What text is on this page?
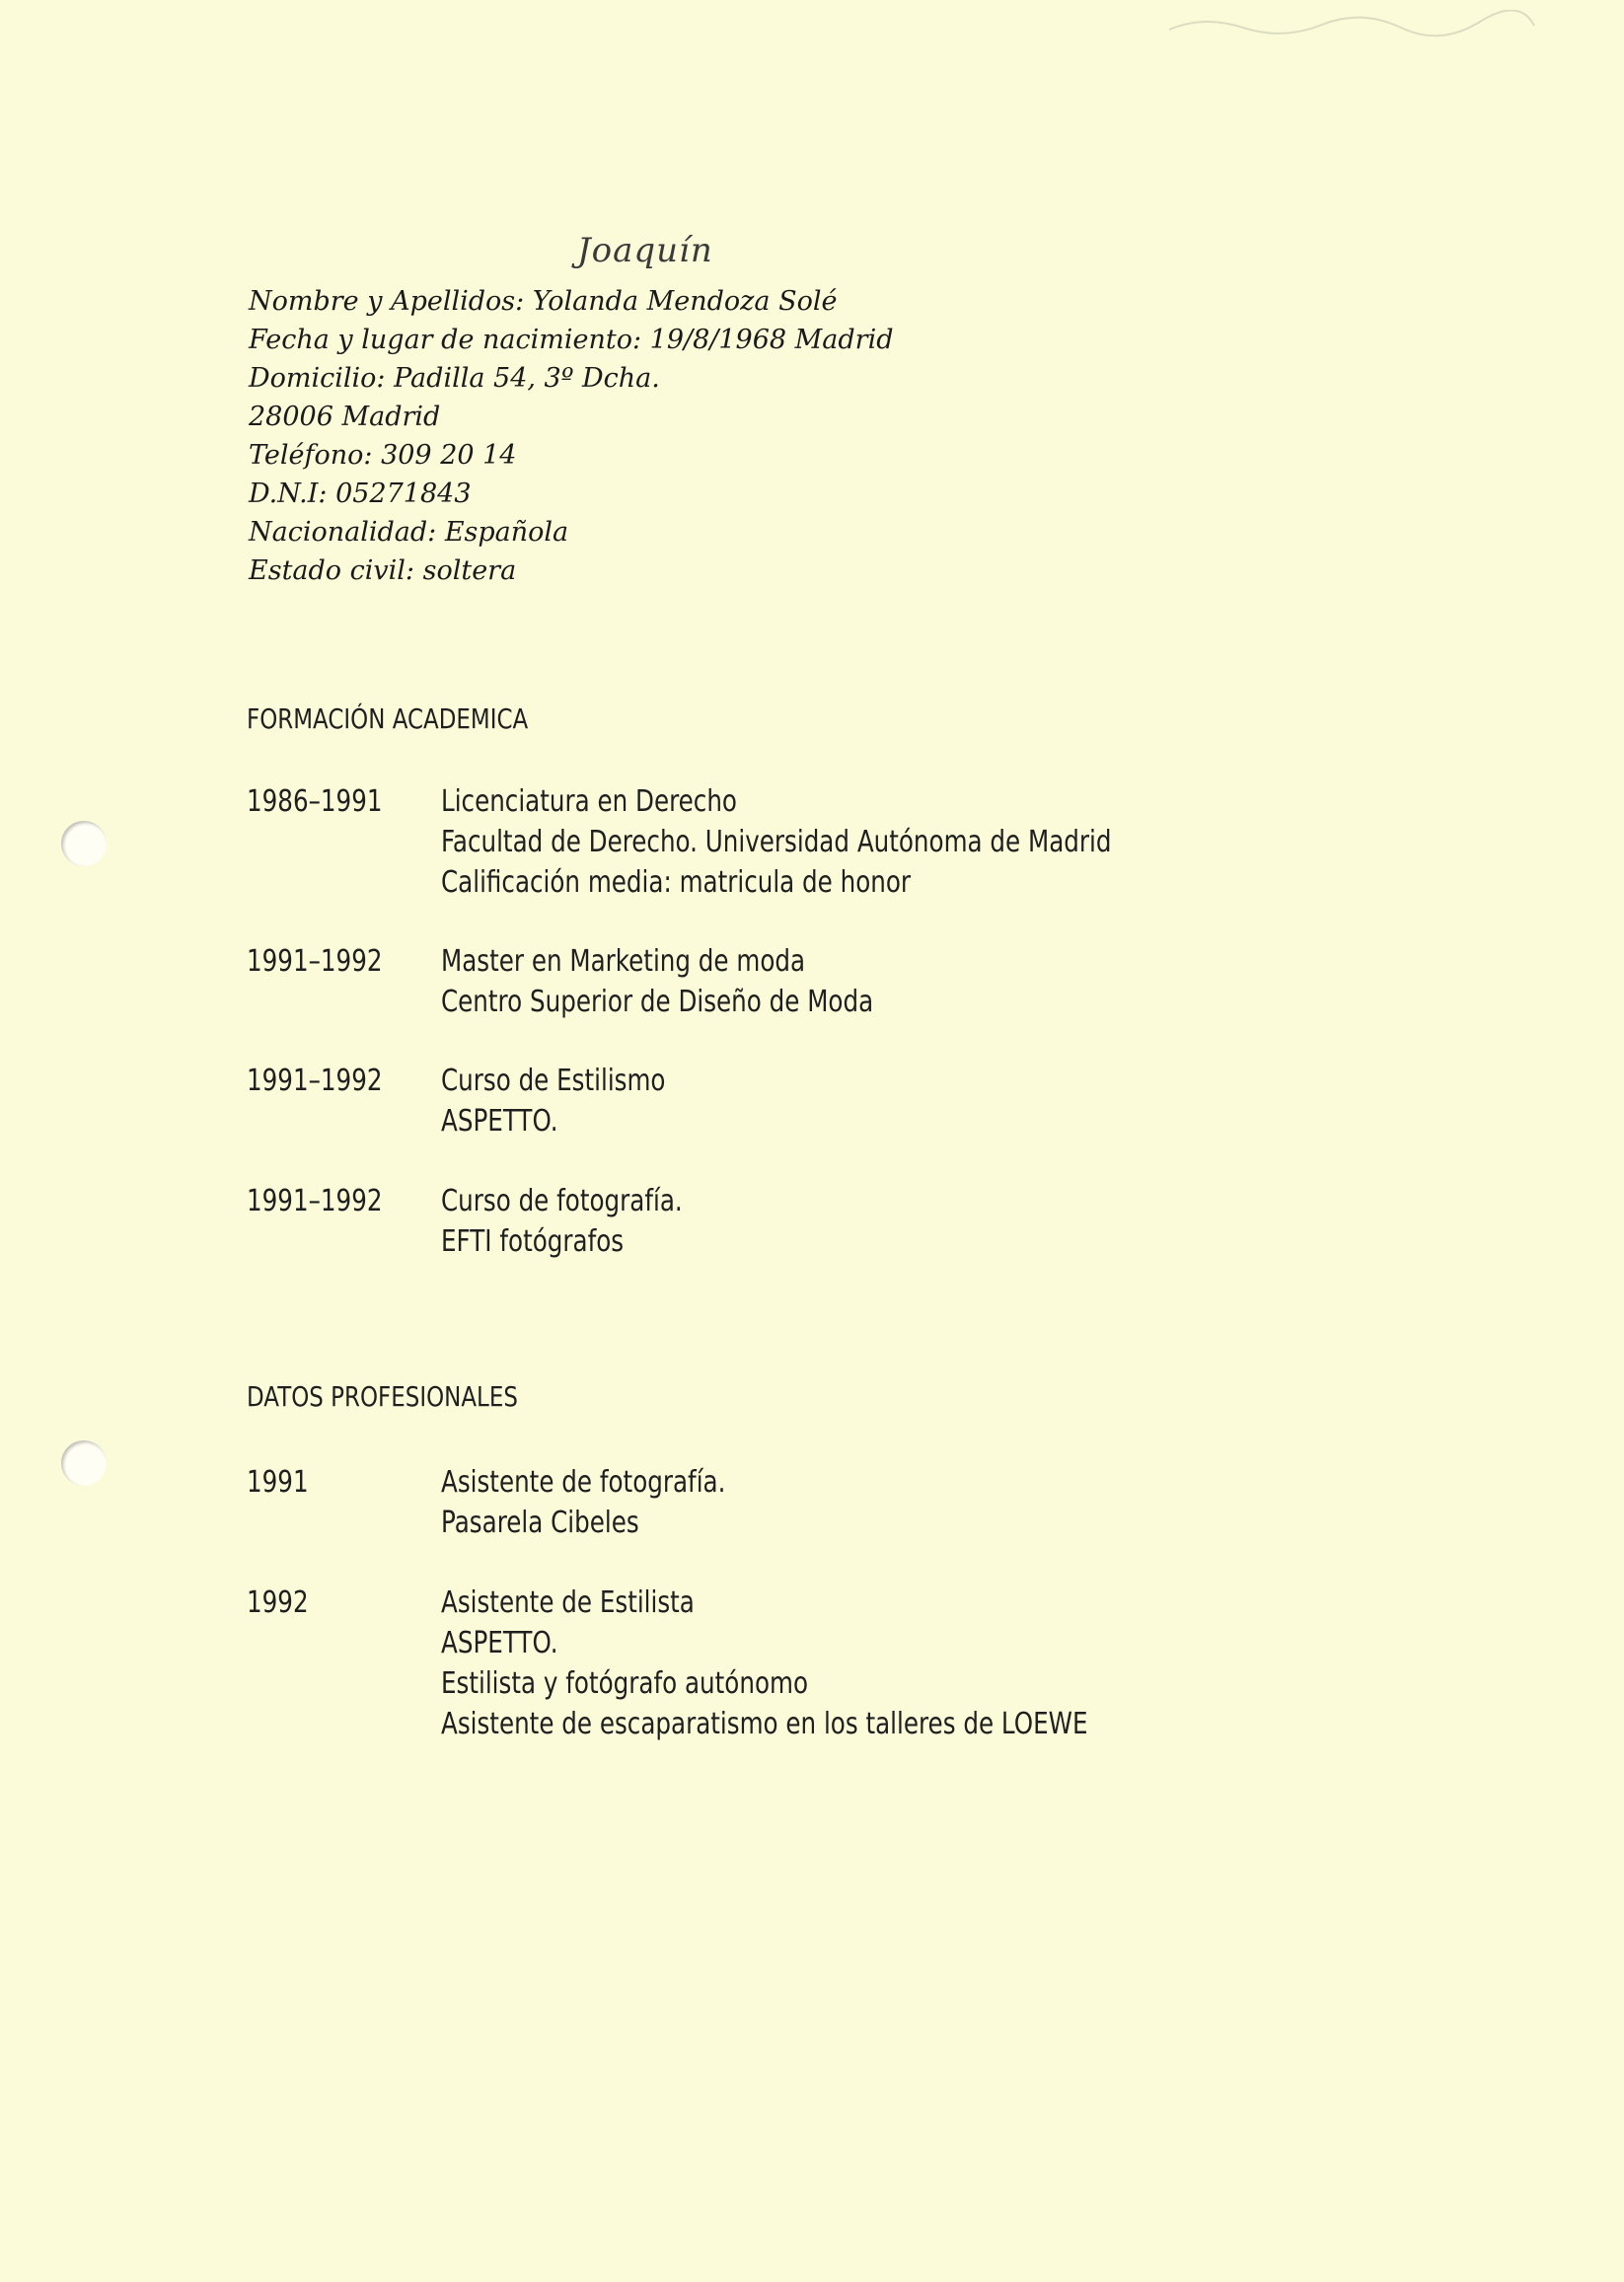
Joaquín
Nombre y Apellidos: Yolanda Mendoza Solé
Fecha y lugar de nacimiento: 19/8/1968 Madrid
Domicilio: Padilla 54, 3º Dcha.
28006 Madrid
Teléfono: 309 20 14
D.N.I: 05271843
Nacionalidad: Española
Estado civil: soltera
FORMACIÓN ACADEMICA
1986–1991 Licenciatura en Derecho
Facultad de Derecho. Universidad Autónoma de Madrid
Calificación media: matricula de honor
1991–1992 Master en Marketing de moda
Centro Superior de Diseño de Moda
1991–1992 Curso de Estilismo
ASPETTO.
1991–1992 Curso de fotografía.
EFTI fotógrafos
DATOS PROFESIONALES
1991	Asistente de fotografía.
Pasarela Cibeles
1992	Asistente de Estilista
ASPETTO.
Estilista y fotógrafo autónomo
Asistente de escaparatismo en los talleres de LOEWE
